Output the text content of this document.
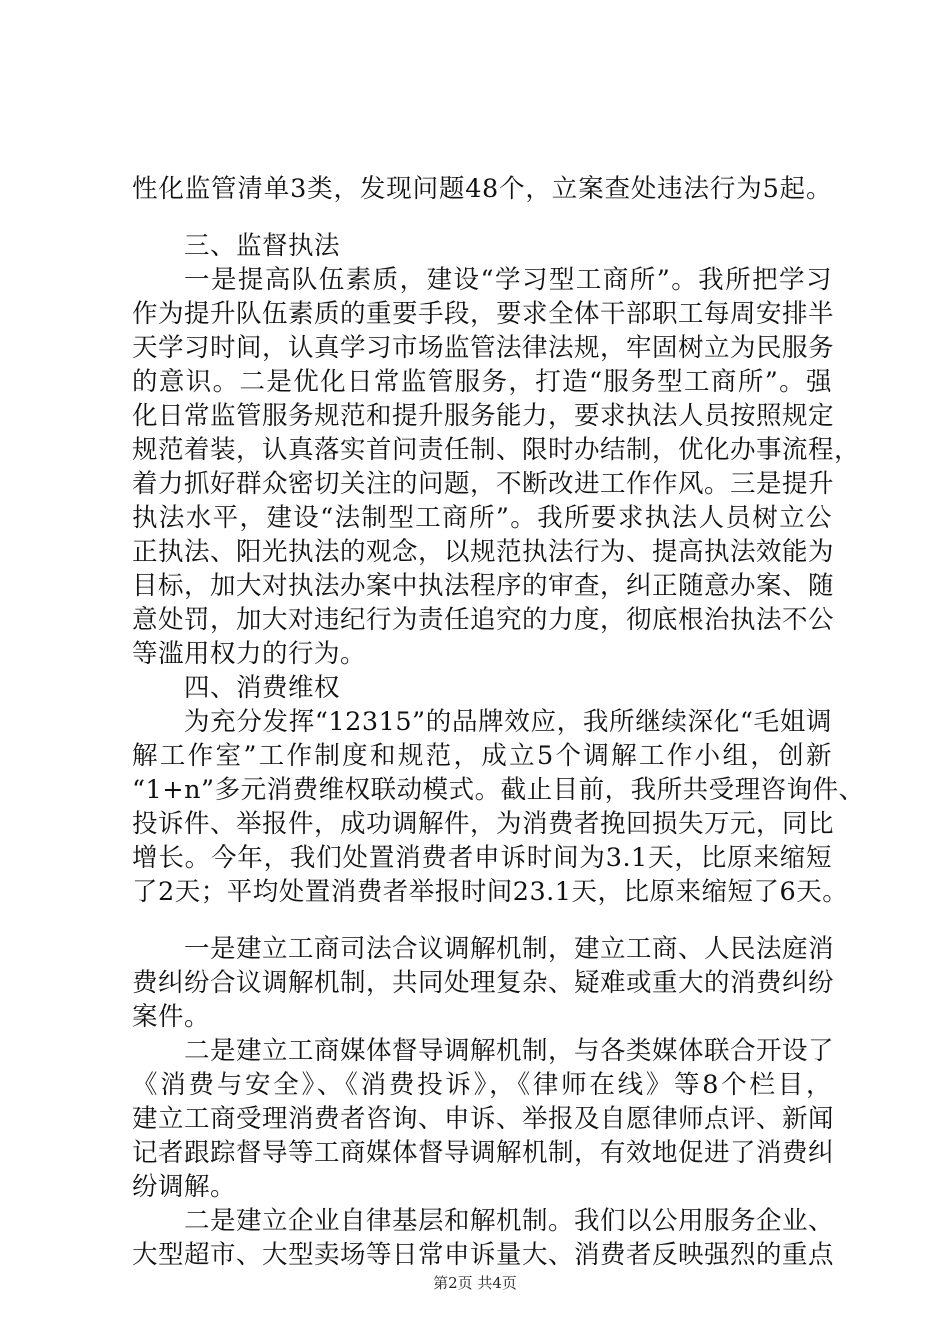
性化监管清单3类，发现问题48个，立案查处违法行为5起。
三、监督执法
一是提高队伍素质，建设“学习型工商所”。我所把学习
作为提升队伍素质的重要手段，要求全体干部职工每周安排半
天学习时间，认真学习市场监管法律法规，牢固树立为民服务
的意识。二是优化日常监管服务，打造“服务型工商所”。强
化日常监管服务规范和提升服务能力，要求执法人员按照规定
规范着装，认真落实首问责任制、限时办结制，优化办事流程，
着力抓好群众密切关注的问题，不断改进工作作风。三是提升
执法水平，建设“法制型工商所”。我所要求执法人员树立公
正执法、阳光执法的观念，以规范执法行为、提高执法效能为
目标，加大对执法办案中执法程序的审查，纠正随意办案、随
意处罚，加大对违纪行为责任追究的力度，彻底根治执法不公
等滥用权力的行为。
四、消费维权
为充分发挥“12315”的品牌效应，我所继续深化“毛姐调
解工作室”工作制度和规范，成立5个调解工作小组，创新
“1+n”多元消费维权联动模式。截止目前，我所共受理咨询件、
投诉件、举报件，成功调解件，为消费者挽回损失万元，同比
增长。今年，我们处置消费者申诉时间为3.1天，比原来缩短
了2天；平均处置消费者举报时间23.1天，比原来缩短了6天。
一是建立工商司法合议调解机制，建立工商、人民法庭消
费纠纷合议调解机制，共同处理复杂、疑难或重大的消费纠纷
案件。
二是建立工商媒体督导调解机制，与各类媒体联合开设了
《消费与安全》、《消费投诉》，《律师在线》等8个栏目，
建立工商受理消费者咨询、申诉、举报及自愿律师点评、新闻
记者跟踪督导等工商媒体督导调解机制，有效地促进了消费纠
纷调解。
二是建立企业自律基层和解机制。我们以公用服务企业、
大型超市、大型卖场等日常申诉量大、消费者反映强烈的重点
第2页 共4页
